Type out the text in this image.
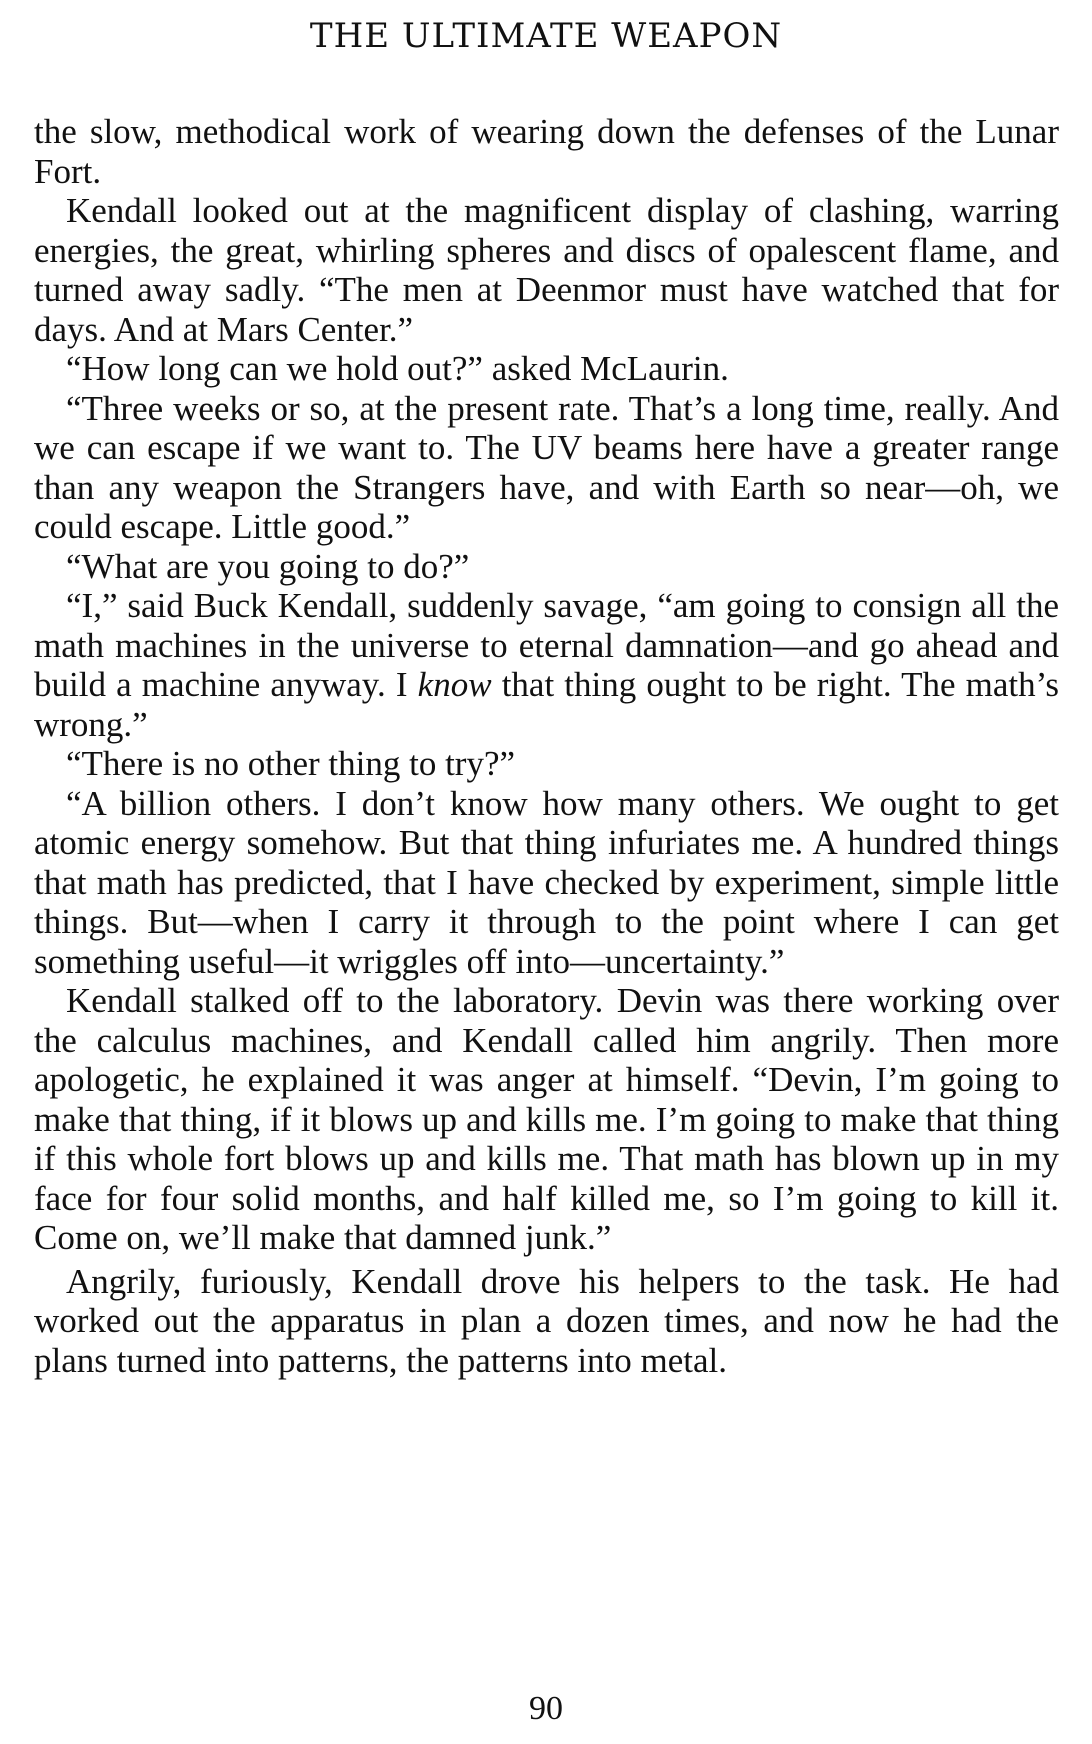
THE ULTIMATE WEAPON

the slow, methodical work of wearing down the defenses of the Lunar Fort.

Kendall looked out at the magnificent display of clashing, warring energies, the great, whirling spheres and discs of opalescent flame, and turned away sadly. “The men at Deenmor must have watched that for days. And at Mars Center.”

“How long can we hold out?” asked McLaurin.

“Three weeks or so, at the present rate. That’s a long time, really. And we can escape if we want to. The UV beams here have a greater range than any weapon the Strangers have, and with Earth so near—oh, we could escape. Little good.”

“What are you going to do?”

“I,” said Buck Kendall, suddenly savage, “am going to consign all the math machines in the universe to eternal damnation—and go ahead and build a machine anyway. I know that thing ought to be right. The math’s wrong.”

“There is no other thing to try?”

“A billion others. I don’t know how many others. We ought to get atomic energy somehow. But that thing infuriates me. A hundred things that math has predicted, that I have checked by experiment, simple little things. But—when I carry it through to the point where I can get something useful—it wriggles off into—uncertainty.”

Kendall stalked off to the laboratory. Devin was there working over the calculus machines, and Kendall called him angrily. Then more apologetic, he explained it was anger at himself. “Devin, I’m going to make that thing, if it blows up and kills me. I’m going to make that thing if this whole fort blows up and kills me. That math has blown up in my face for four solid months, and half killed me, so I’m going to kill it. Come on, we’ll make that damned junk.”

Angrily, furiously, Kendall drove his helpers to the task. He had worked out the apparatus in plan a dozen times, and now he had the plans turned into patterns, the patterns into metal.

90
